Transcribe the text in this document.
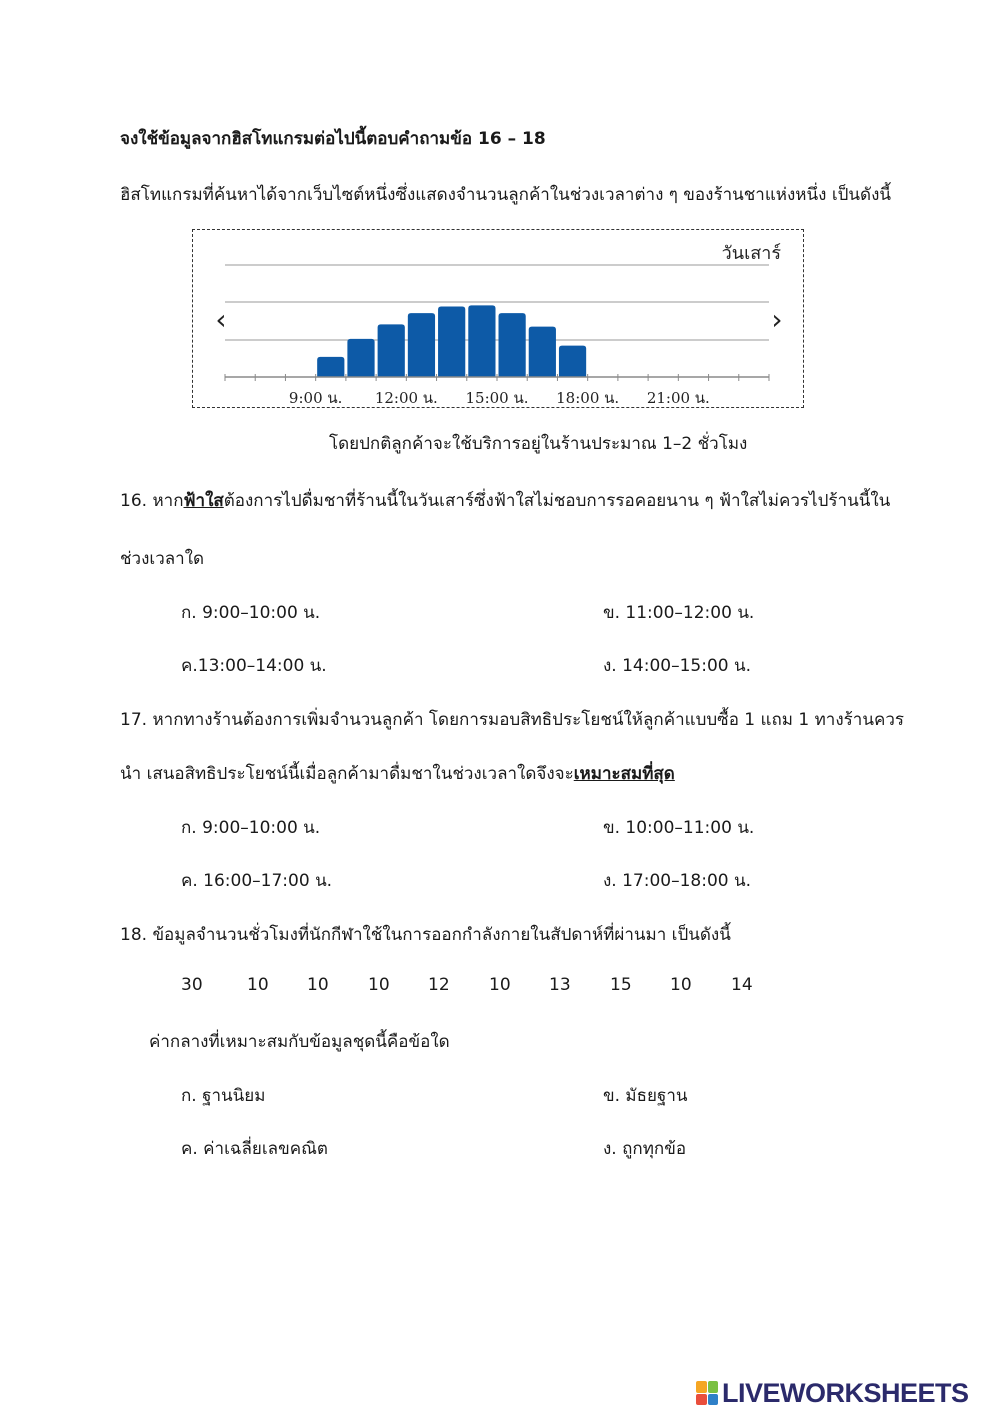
จงใช้ข้อมูลจากฮิสโทแกรมต่อไปนี้ตอบคำถามข้อ 16 – 18
ฮิสโทแกรมที่ค้นหาได้จากเว็บไซต์หนึ่งซึ่งแสดงจำนวนลูกค้าในช่วงเวลาต่าง ๆ ของร้านชาแห่งหนึ่ง เป็นดังนี้
9:00 น. 12:00 น. 15:00 น. 18:00 น. 21:00 น.
วันเสาร์
‹	›
โดยปกติลูกค้าจะใช้บริการอยู่ในร้านประมาณ 1–2 ชั่วโมง
16. หากฟ้าใสต้องการไปดื่มชาที่ร้านนี้ในวันเสาร์ซึ่งฟ้าใสไม่ชอบการรอคอยนาน ๆ ฟ้าใสไม่ควรไปร้านนี้ใน
ช่วงเวลาใด
ก. 9:00–10:00 น.	ข. 11:00–12:00 น.
ค.13:00–14:00 น.	ง. 14:00–15:00 น.
17. หากทางร้านต้องการเพิ่มจำนวนลูกค้า โดยการมอบสิทธิประโยชน์ให้ลูกค้าแบบซื้อ 1 แถม 1 ทางร้านควร
นำ เสนอสิทธิประโยชน์นี้เมื่อลูกค้ามาดื่มชาในช่วงเวลาใดจึงจะเหมาะสมที่สุด
ก. 9:00–10:00 น.	ข. 10:00–11:00 น.
ค. 16:00–17:00 น.	ง. 17:00–18:00 น.
18. ข้อมูลจำนวนชั่วโมงที่นักกีฬาใช้ในการออกกำลังกายในสัปดาห์ที่ผ่านมา เป็นดังนี้
30	10 10 10 12 10 13 15 10 14
ค่ากลางที่เหมาะสมกับข้อมูลชุดนี้คือข้อใด
ก. ฐานนิยม	ข. มัธยฐาน
ค. ค่าเฉลี่ยเลขคณิต	ง. ถูกทุกข้อ
LIVEWORKSHEETS
